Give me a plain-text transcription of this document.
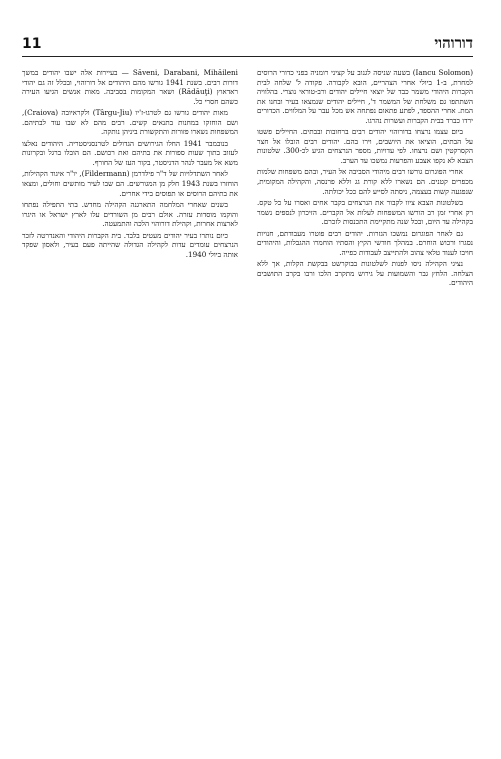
11	דורוהוי

(Iancu Solomon) בשעה שניסה לגנוב על קציני רומניה בפני כדורי הרוסים למחרת, ב-1 ביולי אחרי הצהריים, הובא לקבורה. פקודה ל' שלחה לבית הקברות היהודי משמר כבד של יוצאי חיילים יהודים ורב-טוראי נוצרי. בהלוויה השתתפו גם משלחת של המשמר ד', חיילים יהודים שנמצאו בעיר ובחנו את המת. אחרי ההספד, לפתע פתאום נפתחה אש מכל עבר על המלווים. הכדורים ירדו כברד בבית הקברות ועשרות נהרגו.

ביום עצמו נרצחו בדורוהוי יהודים רבים ברחובות ובבתים. החיילים פשטו על הבתים, הוציאו את היושבים, וירו בהם. יהודים רבים הובלו אל חצר הקסרקטין ושם נרצחו. לפי עדויות, מספר הנרצחים הגיע לכ-300. שלטונות הצבא לא נקפו אצבע והפרעות נמשכו עד הערב.

אחרי הפוגרום גורשו רבים מיהודי הסביבה אל העיר, ובהם משפחות שלמות מכפרים קטנים. הם נשארו ללא קורת גג וללא פרנסה, והקהילה המקומית, שנפגעה קשות בעצמה, ניסתה לסייע להם ככל יכולתה.

בשלטונות הצבא ציוו לקבור את הנרצחים בקבר אחים ואסרו על כל טקס. רק אחרי זמן רב הורשו המשפחות לעלות אל הקברים. הזיכרון לנספים נשמר בקהילה עד היום, ובכל שנה מתקיימת התכנסות לזכרם.

גם לאחר הפוגרום נמשכו הגזרות. יהודים רבים פוטרו מעבודתם, חנויות נסגרו ורכוש הוחרם. במהלך חודשי הקיץ והסתיו הוחמרו ההגבלות, והיהודים חויבו לענוד טלאי צהוב ולהתייצב לעבודות כפייה.

נציגי הקהילה ניסו לפנות לשלטונות בבוקרשט בבקשת הקלות, אך ללא הצלחה. הלחץ גבר והשמועות על גירוש מתקרב הלכו ורבו בקרב התושבים היהודים.

Săveni, Darabani, Mihăileni — בעיירות אלה ישבו יהודים במשך דורות רבים. בשנת 1941 גורשו מהם היהודים אל דורוהוי, ובכלל זה גם יהודי ראדאוץ (Rădăuţi) ושאר המקומות בסביבה. מאות אנשים הגיעו העירה כשהם חסרי כל.

מאות יהודים גורשו גם לטרגו-ז'יו (Târgu-Jiu) ולקראיובה (Craiova), ושם הוחזקו במחנות בתנאים קשים. רבים מהם לא שבו עוד לבתיהם. המשפחות נשארו פזורות והתקשורת ביניהן נותקה.

בנובמבר 1941 החלו הגירושים הגדולים לטרנסניסטריה. היהודים נאלצו לעזוב בתוך שעות ספורות את בתיהם ואת רכושם. הם הובלו ברגל ובקרונות משא אל מעבר לנהר הדניסטר, בקור העז של החורף.

לאחר השתדלויות של ד"ר פילדרמן (Fildermann), יו"ר איגוד הקהילות, הוחזרו בשנת 1943 חלק מן המגורשים. הם שבו לעיר מותשים וחולים, ומצאו את בתיהם הרוסים או תפוסים בידי אחרים.

בשנים שאחרי המלחמה התארגנה הקהילה מחדש. בתי התפילה נפתחו והוקמו מוסדות עזרה. אולם רבים מן השורדים עלו לארץ ישראל או היגרו לארצות אחרות, וקהילת דורוהוי הלכה והתמעטה.

כיום נותרו בעיר יהודים מעטים בלבד. בית הקברות היהודי והאנדרטה לזכר הנרצחים עומדים עדות לקהילה הגדולה שהייתה פעם בעיר, ולאסון שפקד אותה ביולי 1940.
